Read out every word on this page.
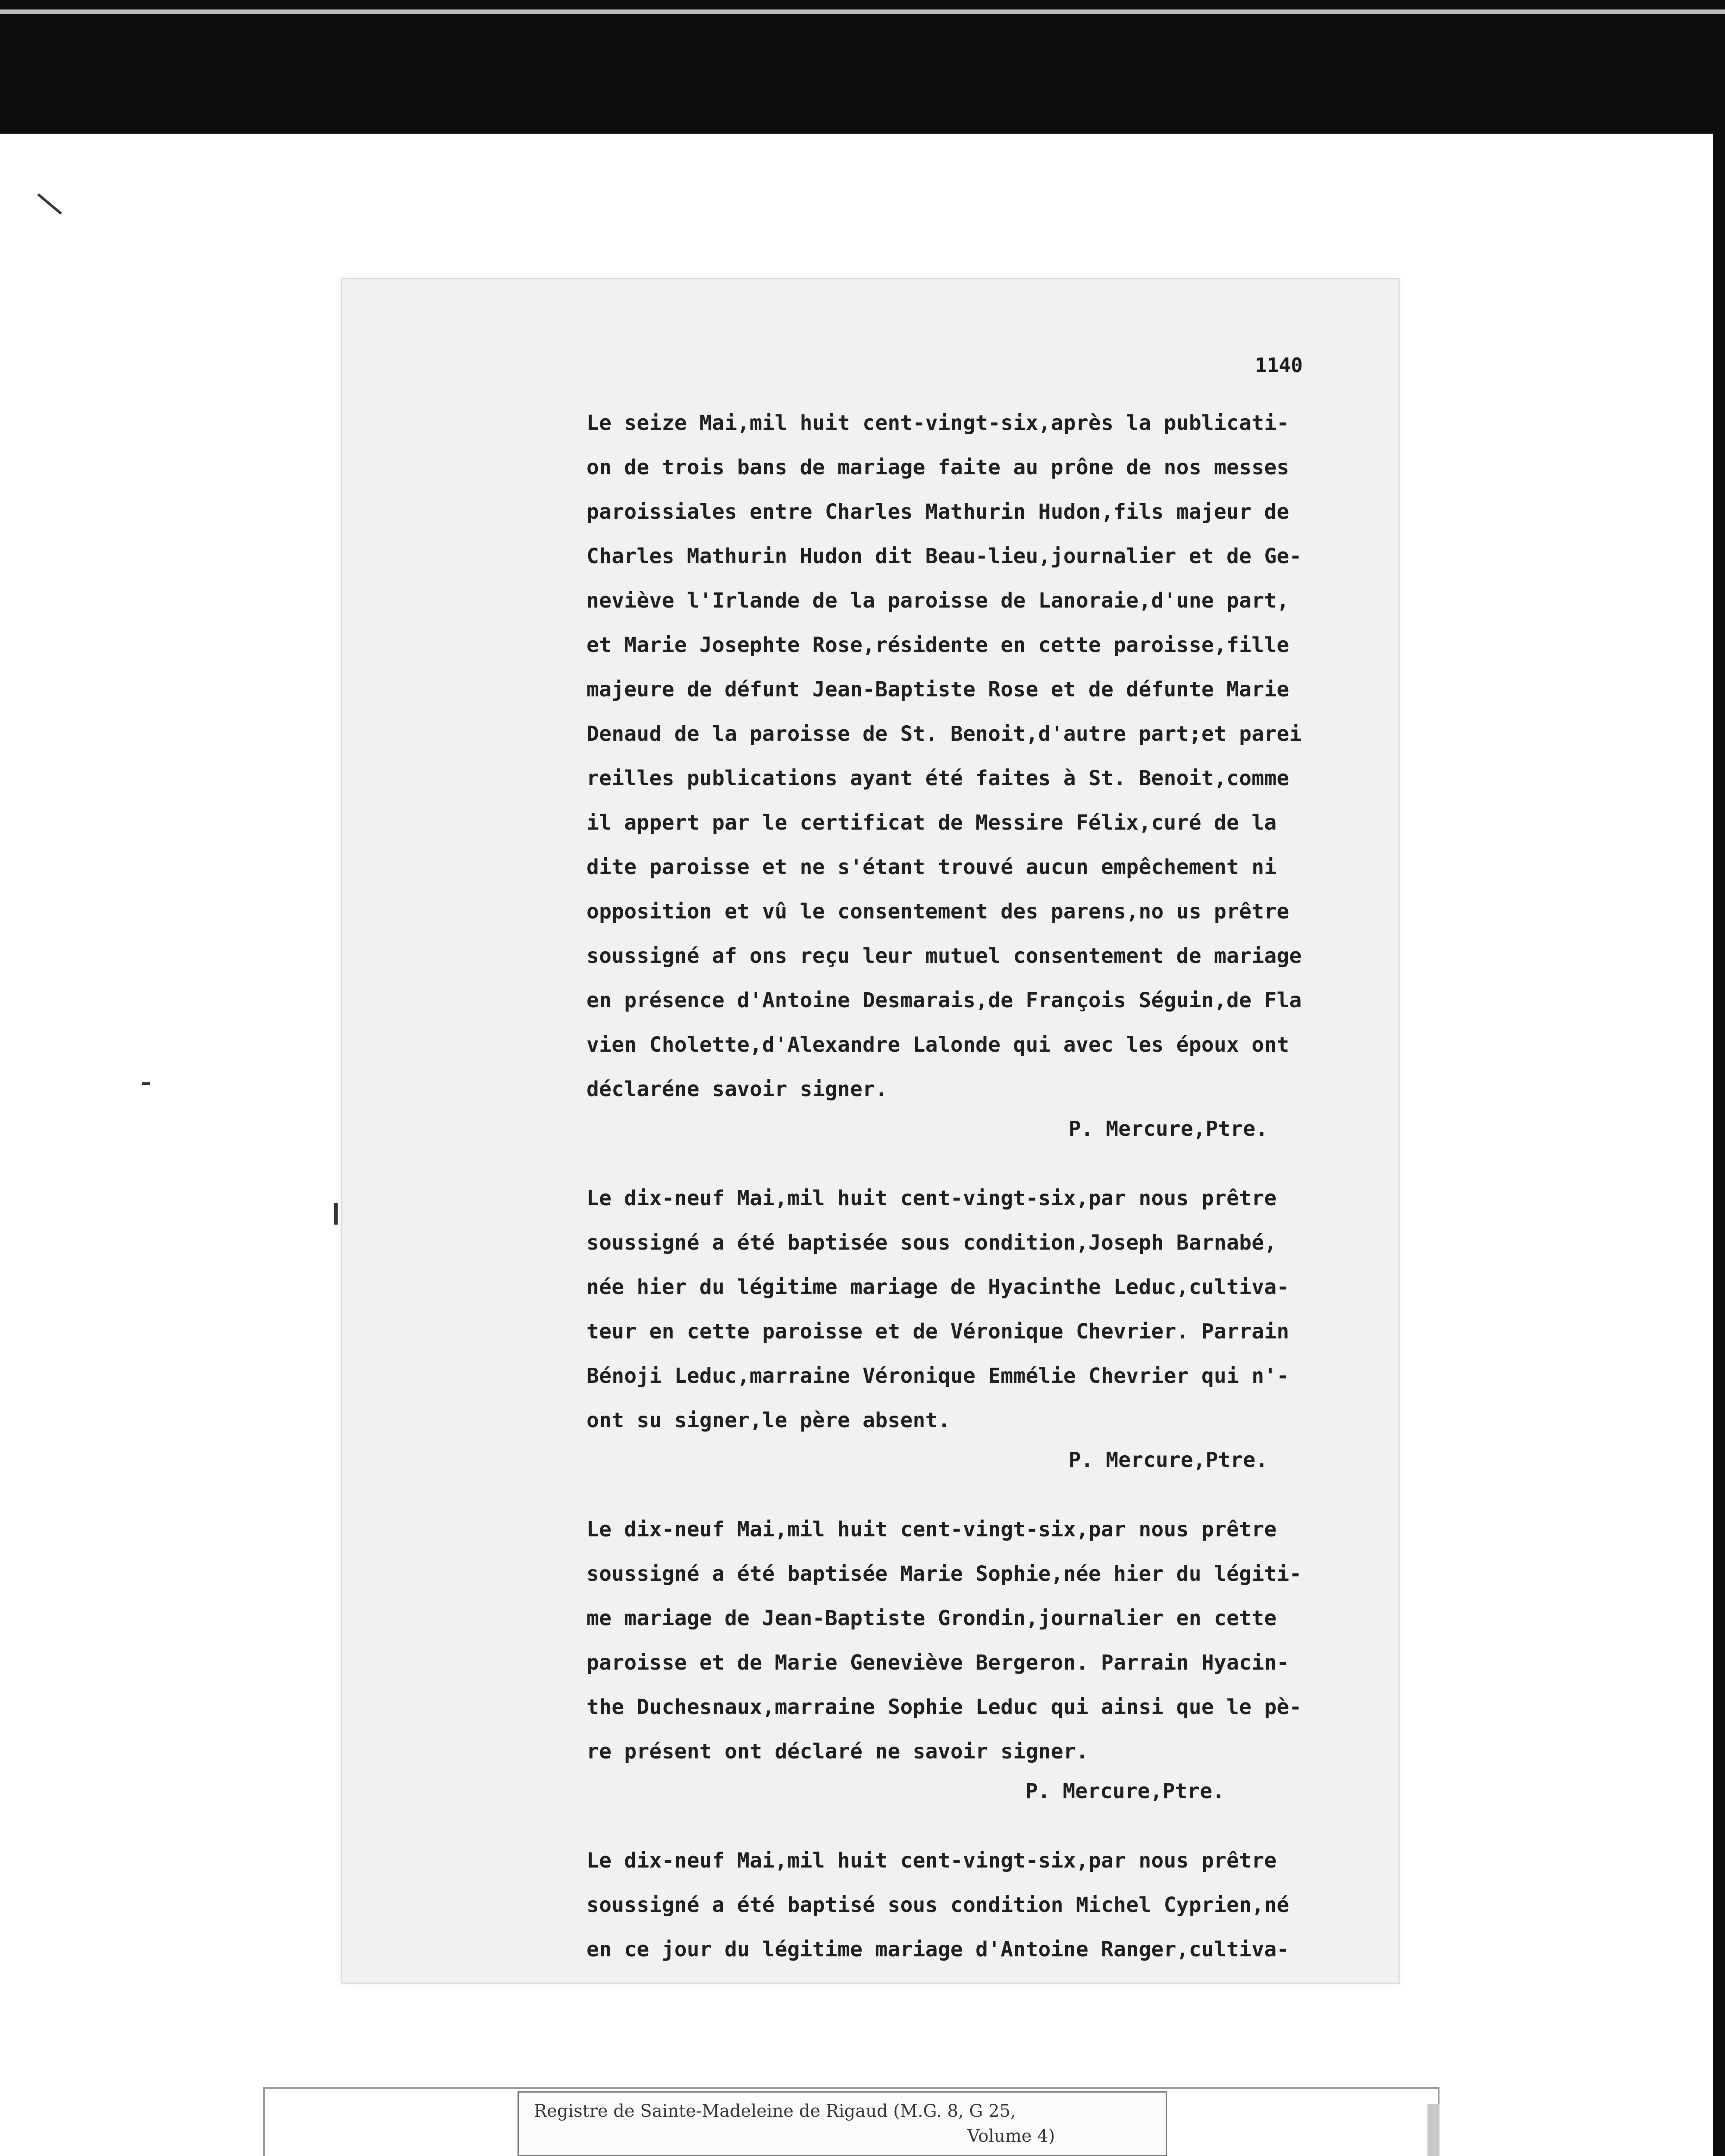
1140
Le seize Mai,mil huit cent-vingt-six,après la publicati-
on de trois bans de mariage faite au prône de nos messes
paroissiales entre Charles Mathurin Hudon,fils majeur de
Charles Mathurin Hudon dit Beau-lieu,journalier et de Ge-
neviève l'Irlande de la paroisse de Lanoraie,d'une part,
et Marie Josephte Rose,résidente en cette paroisse,fille
majeure de défunt Jean-Baptiste Rose et de défunte Marie
Denaud de la paroisse de St. Benoit,d'autre part;et parei
reilles publications ayant été faites à St. Benoit,comme
il appert par le certificat de Messire Félix,curé de la
dite paroisse et ne s'étant trouvé aucun empêchement ni
opposition et vû le consentement des parens,no us prêtre
soussigné af ons reçu leur mutuel consentement de mariage
en présence d'Antoine Desmarais,de François Séguin,de Fla
vien Cholette,d'Alexandre Lalonde qui avec les époux ont
déclaréne savoir signer.
P. Mercure,Ptre.
Le dix-neuf Mai,mil huit cent-vingt-six,par nous prêtre
soussigné a été baptisée sous condition,Joseph Barnabé,
née hier du légitime mariage de Hyacinthe Leduc,cultiva-
teur en cette paroisse et de Véronique Chevrier. Parrain
Bénoji Leduc,marraine Véronique Emmélie Chevrier qui n'-
ont su signer,le père absent.
P. Mercure,Ptre.
Le dix-neuf Mai,mil huit cent-vingt-six,par nous prêtre
soussigné a été baptisée Marie Sophie,née hier du légiti-
me mariage de Jean-Baptiste Grondin,journalier en cette
paroisse et de Marie Geneviève Bergeron. Parrain Hyacin-
the Duchesnaux,marraine Sophie Leduc qui ainsi que le pè-
re présent ont déclaré ne savoir signer.
P. Mercure,Ptre.
Le dix-neuf Mai,mil huit cent-vingt-six,par nous prêtre
soussigné a été baptisé sous condition Michel Cyprien,né
en ce jour du légitime mariage d'Antoine Ranger,cultiva-
Registre de Sainte-Madeleine de Rigaud (M.G. 8, G 25,
Volume 4)
